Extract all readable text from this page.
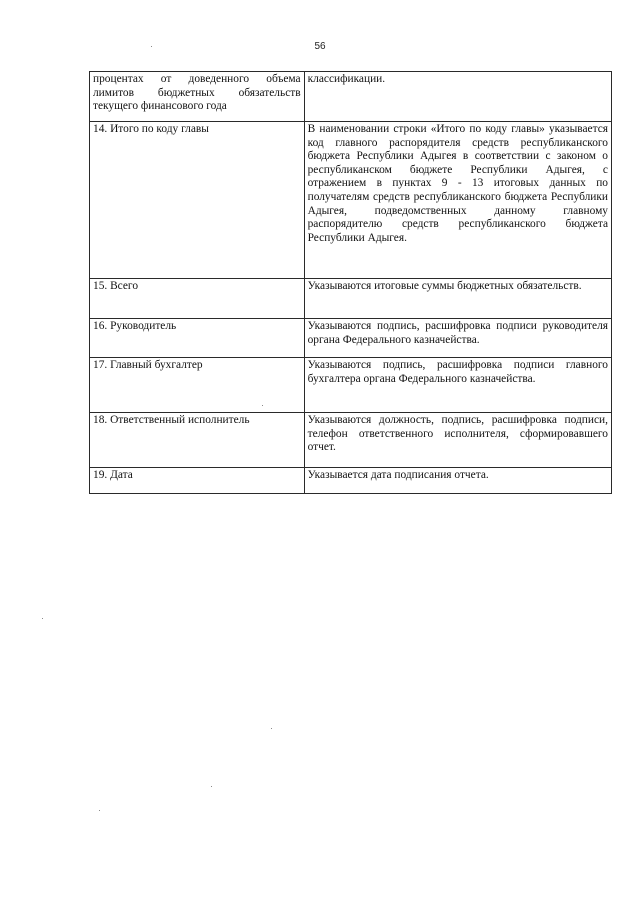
56
процентах от доведенного объема лимитов бюджетных обязательств текущего финансового года	классификации.
14. Итого по коду главы	В наименовании строки «Итого по коду главы» указывается код главного распорядителя средств республиканского бюджета Республики Адыгея в соответствии с законом о республиканском бюджете Республики Адыгея, с отражением в пунктах 9 - 13 итоговых данных по получателям средств республиканского бюджета Республики Адыгея, подведомственных данному главному распорядителю средств республиканского бюджета Республики Адыгея.
15. Всего	Указываются итоговые суммы бюджетных обязательств.
16. Руководитель	Указываются подпись, расшифровка подписи руководителя органа Федерального казначейства.
17. Главный бухгалтер	Указываются подпись, расшифровка подписи главного бухгалтера органа Федерального казначейства.
18. Ответственный исполнитель	Указываются должность, подпись, расшифровка подписи, телефон ответственного исполнителя, сформировавшего отчет.
19. Дата	Указывается дата подписания отчета.
